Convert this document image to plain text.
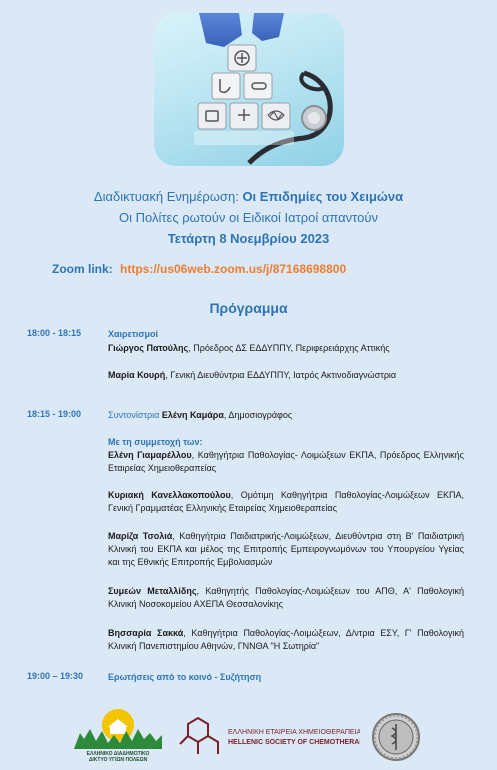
Διαδικτυακή Ενημέρωση: Οι Επιδημίες του Χειμώνα
Οι Πολίτες ρωτούν οι Ειδικοί Ιατροί απαντούν
Τετάρτη 8 Νοεμβρίου 2023
Zoom link: https://us06web.zoom.us/j/87168698800
Πρόγραμμα
18:00 - 18:15	Χαιρετισμοί
Γιώργος Πατούλης, Πρόεδρος ΔΣ ΕΔΔΥΠΠΥ, Περιφερειάρχης Αττικής
Μαρία Κουρή, Γενική Διευθύντρια ΕΔΔΥΠΠΥ, Ιατρός Ακτινοδιαγνώστρια
18:15 - 19:00	Συντονίστρια Ελένη Καμάρα, Δημοσιογράφος
Με τη συμμετοχή των:
Ελένη Γιαμαρέλλου, Καθηγήτρια Παθολογίας- Λοιμώξεων ΕΚΠΑ, Πρόεδρος Ελληνικής Εταιρείας Χημειοθεραπείας
Κυριακή Κανελλακοπούλου, Ομότιμη Καθηγήτρια Παθολογίας-Λοιμώξεων ΕΚΠΑ, Γενική Γραμματέας Ελληνικής Εταιρείας Χημειοθεραπείας
Μαρίζα Τσολιά, Καθηγήτρια Παιδιατρικής-Λοιμώξεων, Διευθύντρια στη Β' Παιδιατρική Κλινική του ΕΚΠΑ και μέλος της Επιτροπής Εμπειρογνωμόνων του Υπουργείου Υγείας και της Εθνικής Επιτροπής Εμβολιασμών
Συμεών Μεταλλίδης, Καθηγητής Παθολογίας-Λοιμώξεων του ΑΠΘ, Α' Παθολογική Κλινική Νοσοκομείου ΑΧΕΠΑ Θεσσαλονίκης
Βησσαρία Σακκά, Καθηγήτρια Παθολογίας-Λοιμώξεων, Δ/ντρια ΕΣΥ, Γ' Παθολογική Κλινική Πανεπιστημίου Αθηνών, ΓΝΝΘΑ "Η Σωτηρία"
19:00 – 19:30	Ερωτήσεις από το κοινό - Συζήτηση
ΕΛΛΗΝΙΚΟ ΔΙΑΔΗΜΟΤΙΚΟ
ΔΙΚΤΥΟ ΥΓΙΩΝ ΠΟΛΕΩΝ
ΕΛΛΗΝΙΚΗ ΕΤΑΙΡΕΙΑ ΧΗΜΕΙΟΘΕΡΑΠΕΙΑΣ
HELLENIC SOCIETY OF CHEMOTHERAPY
